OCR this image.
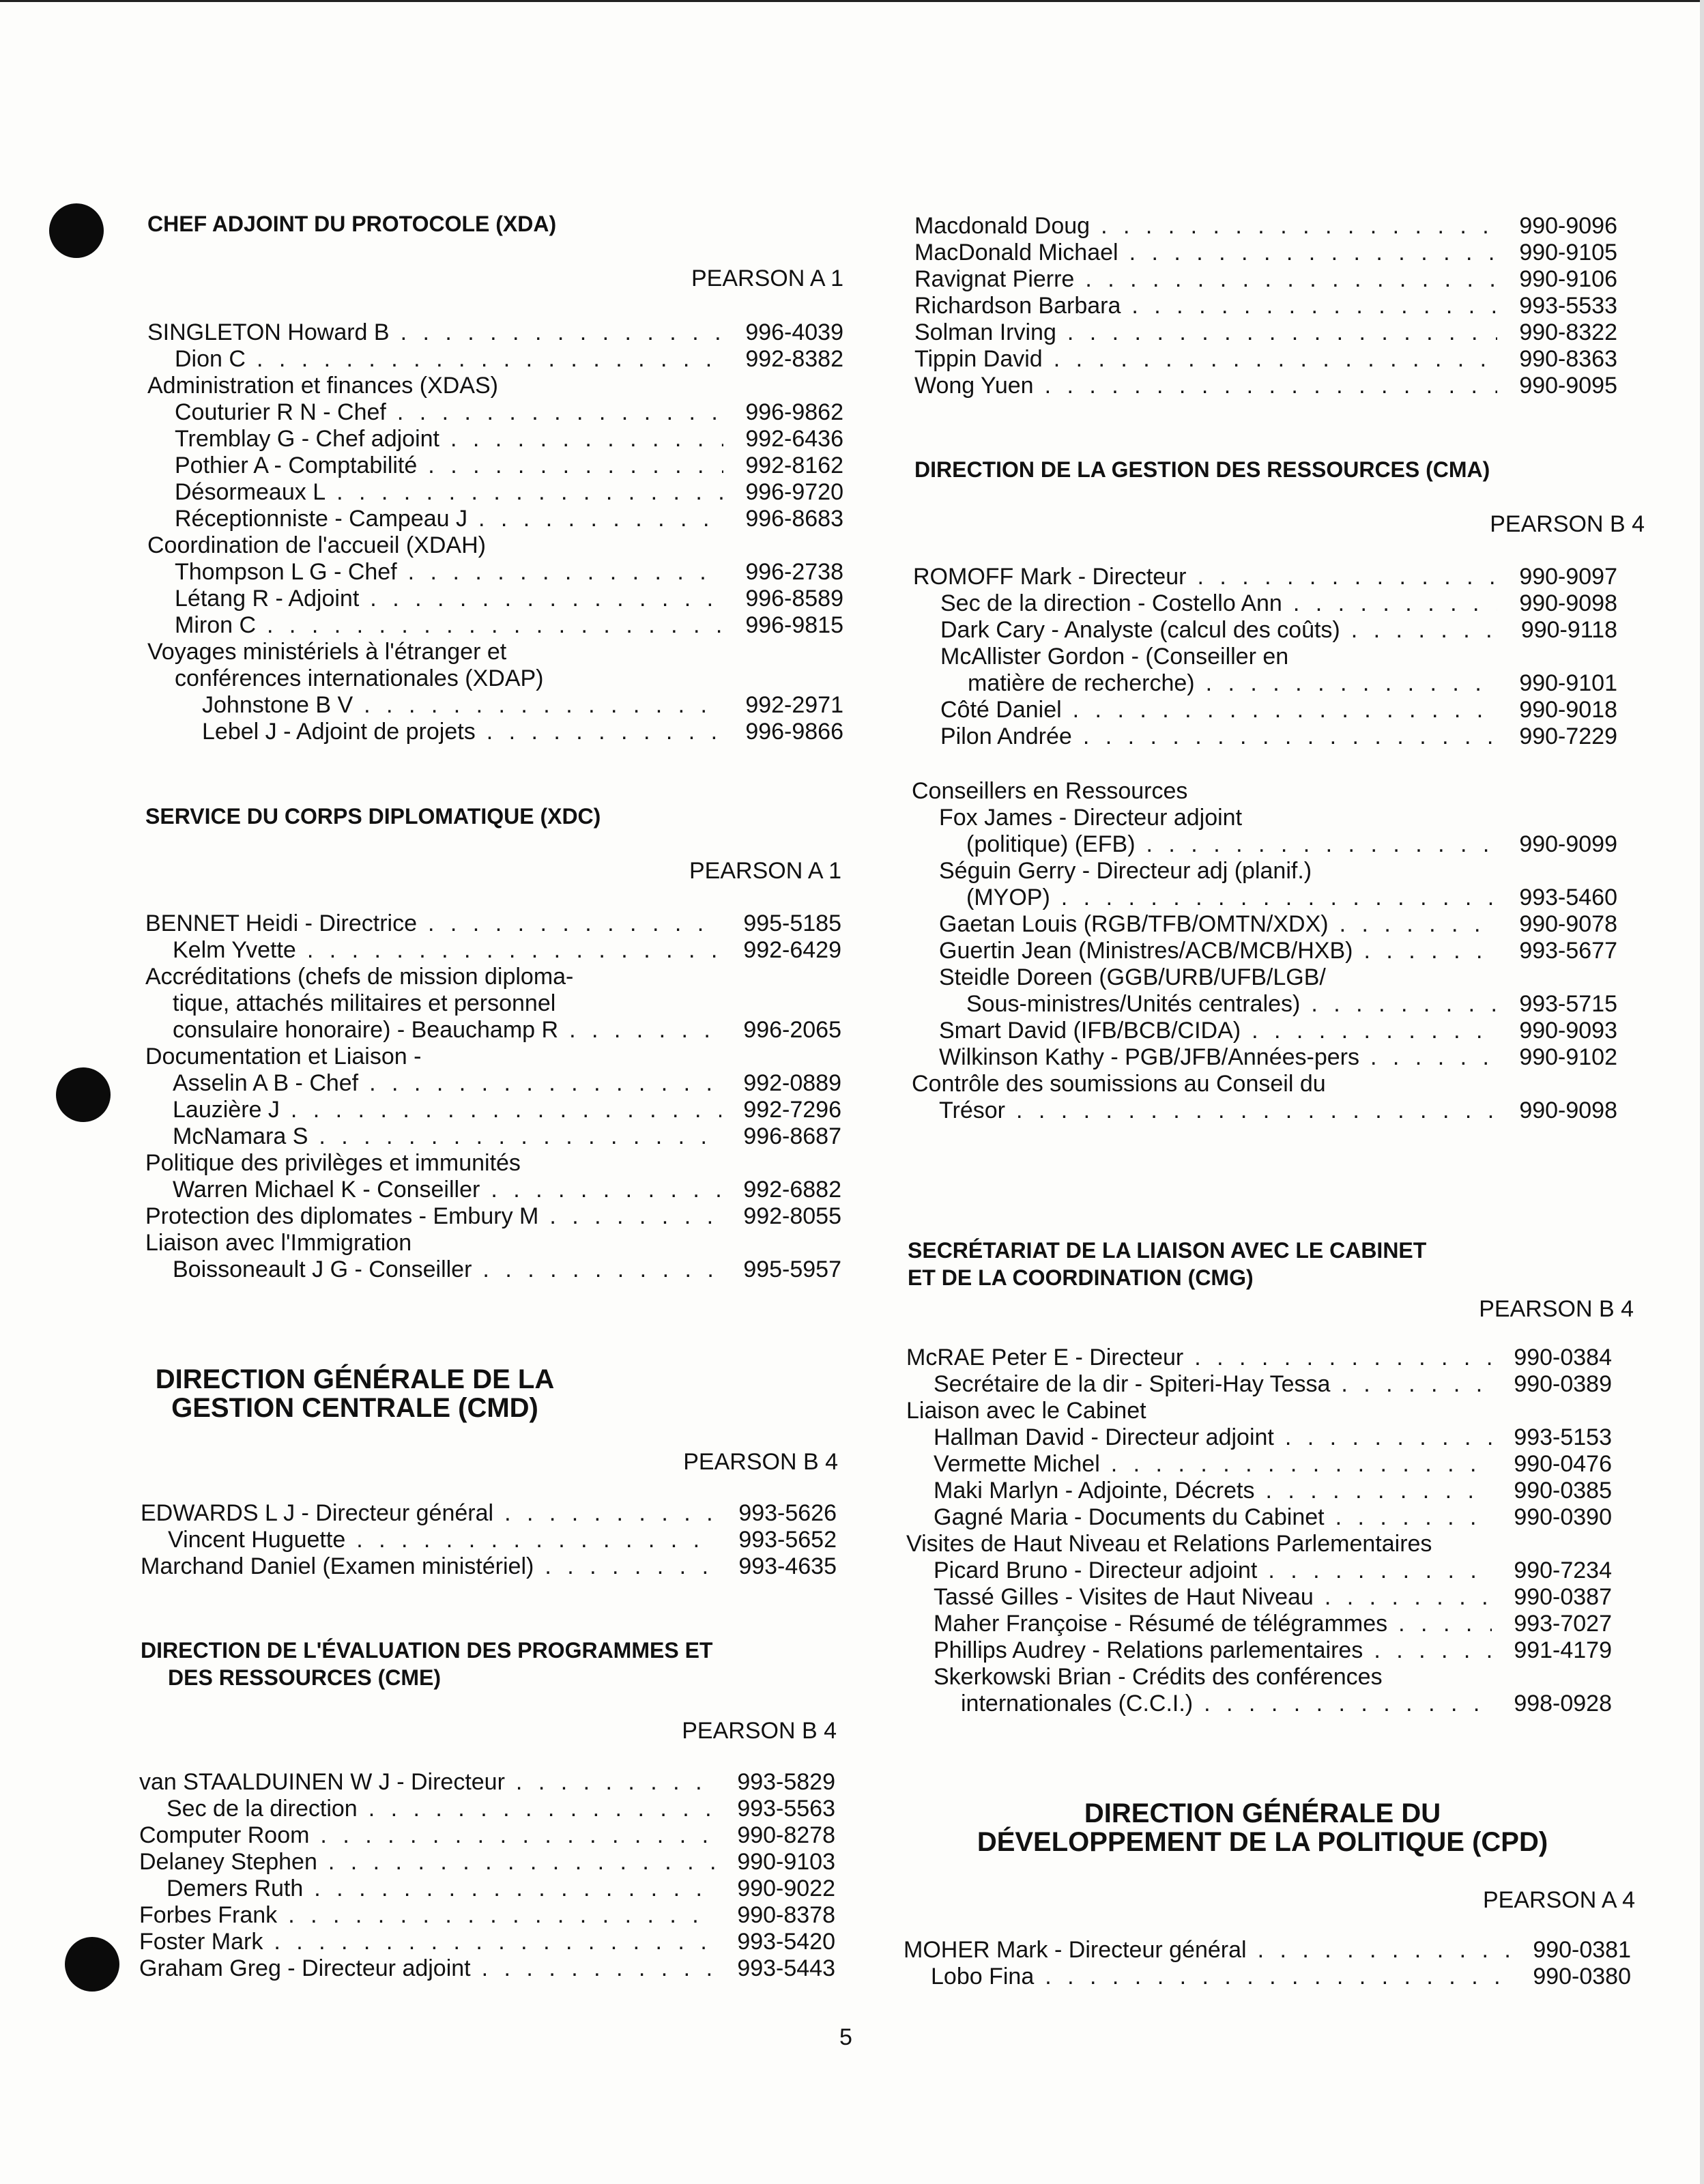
CHEF ADJOINT DU PROTOCOLE (XDA)
PEARSON A 1
SINGLETON Howard B . . .	996-4039
Dion C . . .	992-8382
Administration et finances (XDAS)
Couturier R N - Chef . . .	996-9862
Tremblay G - Chef adjoint . . .	992-6436
Pothier A - Comptabilité . . .	992-8162
Désormeaux L . . .	996-9720
Réceptionniste - Campeau J . . .	996-8683
Coordination de l'accueil (XDAH)
Thompson L G - Chef . . .	996-2738
Létang R - Adjoint . . .	996-8589
Miron C . . .	996-9815
Voyages ministériels à l'étranger et
conférences internationales (XDAP)
Johnstone B V . . .	992-2971
Lebel J - Adjoint de projets . . .	996-9866
SERVICE DU CORPS DIPLOMATIQUE (XDC)
PEARSON A 1
BENNET Heidi - Directrice . . .	995-5185
Kelm Yvette . . .	992-6429
Accréditations (chefs de mission diploma-
tique, attachés militaires et personnel
consulaire honoraire) - Beauchamp R . . .	996-2065
Documentation et Liaison -
Asselin A B - Chef . . .	992-0889
Lauzière J . . .	992-7296
McNamara S . . .	996-8687
Politique des privilèges et immunités
Warren Michael K - Conseiller . . .	992-6882
Protection des diplomates - Embury M . . .	992-8055
Liaison avec l'Immigration
Boissoneault J G - Conseiller . . .	995-5957
DIRECTION GÉNÉRALE DE LA
GESTION CENTRALE (CMD)
PEARSON B 4
EDWARDS L J - Directeur général . . .	993-5626
Vincent Huguette . . .	993-5652
Marchand Daniel (Examen ministériel) . . .	993-4635
DIRECTION DE L'ÉVALUATION DES PROGRAMMES ET
DES RESSOURCES (CME)
PEARSON B 4
van STAALDUINEN W J - Directeur . . .	993-5829
Sec de la direction . . .	993-5563
Computer Room . . .	990-8278
Delaney Stephen . . .	990-9103
Demers Ruth . . .	990-9022
Forbes Frank . . .	990-8378
Foster Mark . . .	993-5420
Graham Greg - Directeur adjoint . . .	993-5443
Macdonald Doug . . .	990-9096
MacDonald Michael . . .	990-9105
Ravignat Pierre . . .	990-9106
Richardson Barbara . . .	993-5533
Solman Irving . . .	990-8322
Tippin David . . .	990-8363
Wong Yuen . . .	990-9095
DIRECTION DE LA GESTION DES RESSOURCES (CMA)
PEARSON B 4
ROMOFF Mark - Directeur . . .	990-9097
Sec de la direction - Costello Ann . . .	990-9098
Dark Cary - Analyste (calcul des coûts) . . .	990-9118
McAllister Gordon - (Conseiller en
matière de recherche) . . .	990-9101
Côté Daniel . . .	990-9018
Pilon Andrée . . .	990-7229
Conseillers en Ressources
Fox James - Directeur adjoint
(politique) (EFB) . . .	990-9099
Séguin Gerry - Directeur adj (planif.)
(MYOP) . . .	993-5460
Gaetan Louis (RGB/TFB/OMTN/XDX) . . .	990-9078
Guertin Jean (Ministres/ACB/MCB/HXB) . . .	993-5677
Steidle Doreen (GGB/URB/UFB/LGB/
Sous-ministres/Unités centrales) . . .	993-5715
Smart David (IFB/BCB/CIDA) . . .	990-9093
Wilkinson Kathy - PGB/JFB/Années-pers . . .	990-9102
Contrôle des soumissions au Conseil du
Trésor . . .	990-9098
SECRÉTARIAT DE LA LIAISON AVEC LE CABINET
ET DE LA COORDINATION (CMG)
PEARSON B 4
McRAE Peter E - Directeur . . .	990-0384
Secrétaire de la dir - Spiteri-Hay Tessa . . .	990-0389
Liaison avec le Cabinet
Hallman David - Directeur adjoint . . .	993-5153
Vermette Michel . . .	990-0476
Maki Marlyn - Adjointe, Décrets . . .	990-0385
Gagné Maria - Documents du Cabinet . . .	990-0390
Visites de Haut Niveau et Relations Parlementaires
Picard Bruno - Directeur adjoint . . .	990-7234
Tassé Gilles - Visites de Haut Niveau . . .	990-0387
Maher Françoise - Résumé de télégrammes . . .	993-7027
Phillips Audrey - Relations parlementaires . . .	991-4179
Skerkowski Brian - Crédits des conférences
internationales (C.C.I.) . . .	998-0928
DIRECTION GÉNÉRALE DU
DÉVELOPPEMENT DE LA POLITIQUE (CPD)
PEARSON A 4
MOHER Mark - Directeur général . . .	990-0381
Lobo Fina . . .	990-0380
5
